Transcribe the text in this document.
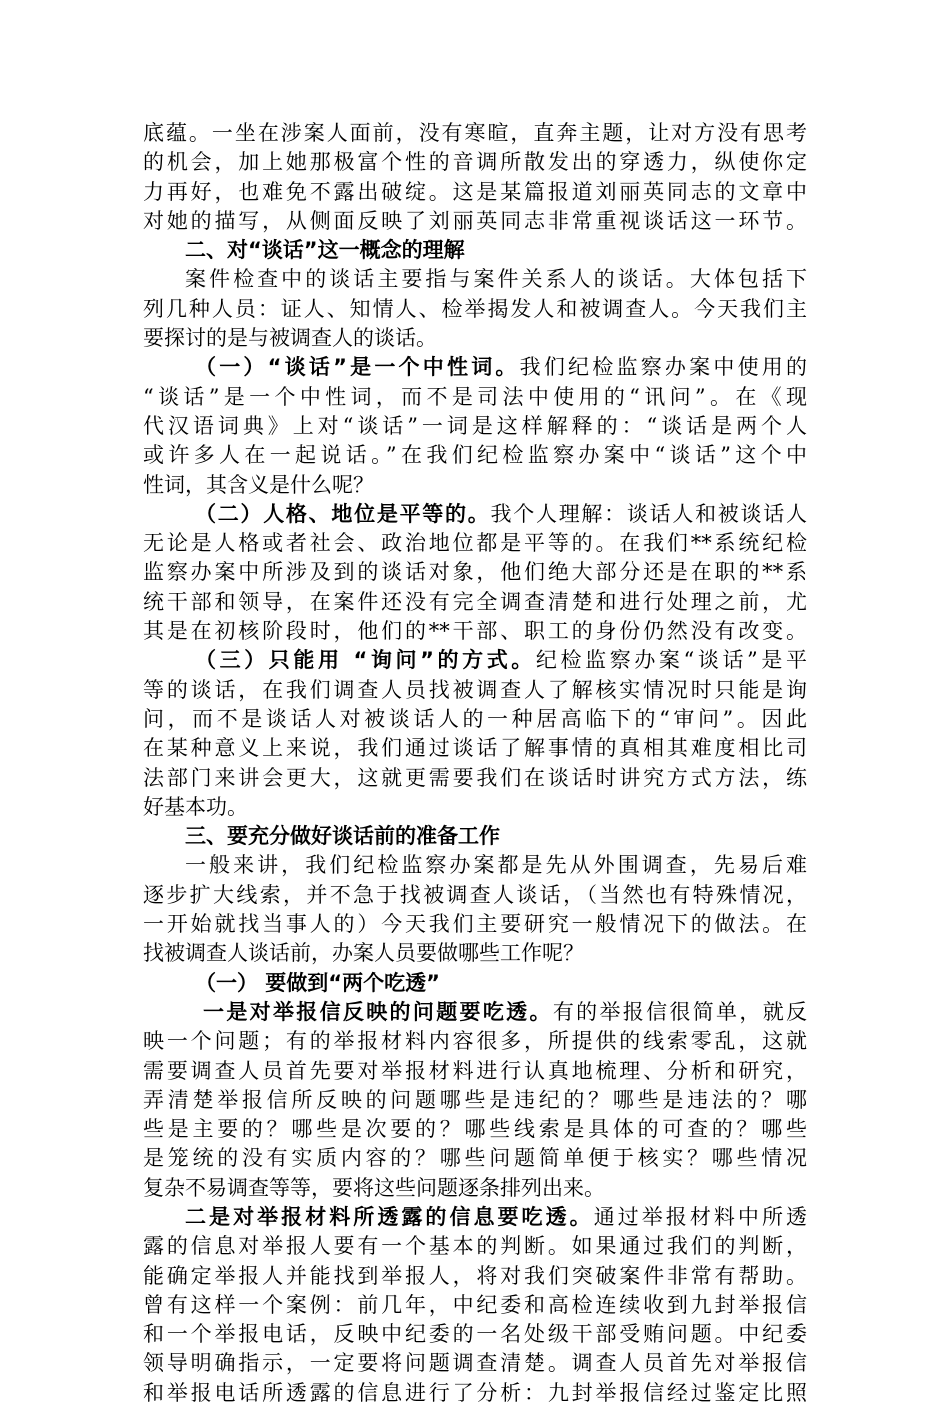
底蕴。一坐在涉案人面前，没有寒暄，直奔主题，让对方没有思考
的机会，加上她那极富个性的音调所散发出的穿透力，纵使你定
力再好，也难免不露出破绽。这是某篇报道刘丽英同志的文章中
对她的描写，从侧面反映了刘丽英同志非常重视谈话这一环节。
二、对“谈话”这一概念的理解
案件检查中的谈话主要指与案件关系人的谈话。大体包括下
列几种人员：证人、知情人、检举揭发人和被调查人。今天我们主
要探讨的是与被调查人的谈话。
（一）“谈话”是一个中性词。我们纪检监察办案中使用的
“谈话”是一个中性词，而不是司法中使用的“讯问”。在《现
代汉语词典》上对“谈话”一词是这样解释的：“谈话是两个人
或许多人在一起说话。”在我们纪检监察办案中“谈话”这个中
性词，其含义是什么呢？
（二）人格、地位是平等的。我个人理解：谈话人和被谈话人
无论是人格或者社会、政治地位都是平等的。在我们**系统纪检
监察办案中所涉及到的谈话对象，他们绝大部分还是在职的**系
统干部和领导，在案件还没有完全调查清楚和进行处理之前，尤
其是在初核阶段时，他们的**干部、职工的身份仍然没有改变。
（三）只能用 “询问”的方式。纪检监察办案“谈话”是平
等的谈话，在我们调查人员找被调查人了解核实情况时只能是询
问，而不是谈话人对被谈话人的一种居高临下的“审问”。因此
在某种意义上来说，我们通过谈话了解事情的真相其难度相比司
法部门来讲会更大，这就更需要我们在谈话时讲究方式方法，练
好基本功。
三、要充分做好谈话前的准备工作
一般来讲，我们纪检监察办案都是先从外围调查，先易后难
逐步扩大线索，并不急于找被调查人谈话，（当然也有特殊情况，
一开始就找当事人的）今天我们主要研究一般情况下的做法。在
找被调查人谈话前，办案人员要做哪些工作呢？
（一） 要做到“两个吃透”
一是对举报信反映的问题要吃透。有的举报信很简单，就反
映一个问题；有的举报材料内容很多，所提供的线索零乱，这就
需要调查人员首先要对举报材料进行认真地梳理、分析和研究，
弄清楚举报信所反映的问题哪些是违纪的？哪些是违法的？哪
些是主要的？哪些是次要的？哪些线索是具体的可查的？哪些
是笼统的没有实质内容的？哪些问题简单便于核实？哪些情况
复杂不易调查等等，要将这些问题逐条排列出来。
二是对举报材料所透露的信息要吃透。通过举报材料中所透
露的信息对举报人要有一个基本的判断。如果通过我们的判断，
能确定举报人并能找到举报人，将对我们突破案件非常有帮助。
曾有这样一个案例：前几年，中纪委和高检连续收到九封举报信
和一个举报电话，反映中纪委的一名处级干部受贿问题。中纪委
领导明确指示，一定要将问题调查清楚。调查人员首先对举报信
和举报电话所透露的信息进行了分析：九封举报信经过鉴定比照
